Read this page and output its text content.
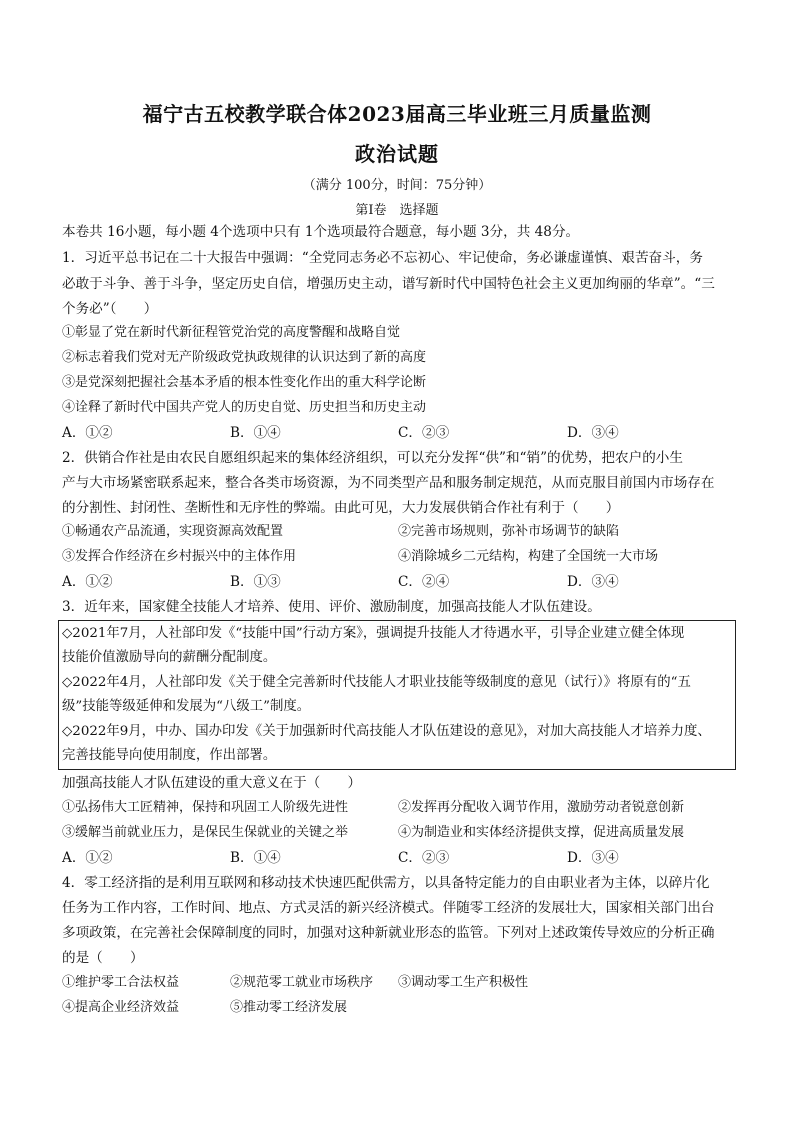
福宁古五校教学联合体2023届高三毕业班三月质量监测
政治试题
（满分 100分，时间：75分钟）
第Ⅰ卷　选择题
本卷共 16小题，每小题 4个选项中只有 1个选项最符合题意，每小题 3分，共 48分。
1．习近平总书记在二十大报告中强调：“全党同志务必不忘初心、牢记使命，务必谦虚谨慎、艰苦奋斗，务
必敢于斗争、善于斗争，坚定历史自信，增强历史主动，谱写新时代中国特色社会主义更加绚丽的华章”。“三
个务必”（　　）
①彰显了党在新时代新征程管党治党的高度警醒和战略自觉
②标志着我们党对无产阶级政党执政规律的认识达到了新的高度
③是党深刻把握社会基本矛盾的根本性变化作出的重大科学论断
④诠释了新时代中国共产党人的历史自觉、历史担当和历史主动
A．①②	B．①④	C．②③	D．③④
2．供销合作社是由农民自愿组织起来的集体经济组织，可以充分发挥“供”和“销”的优势，把农户的小生
产与大市场紧密联系起来，整合各类市场资源，为不同类型产品和服务制定规范，从而克服目前国内市场存在
的分割性、封闭性、垄断性和无序性的弊端。由此可见，大力发展供销合作社有利于（　　）
①畅通农产品流通，实现资源高效配置	②完善市场规则，弥补市场调节的缺陷
③发挥合作经济在乡村振兴中的主体作用	④消除城乡二元结构，构建了全国统一大市场
A．①②	B．①③	C．②④	D．③④
3．近年来，国家健全技能人才培养、使用、评价、激励制度，加强高技能人才队伍建设。
◇2021年7月，人社部印发《“技能中国”行动方案》，强调提升技能人才待遇水平，引导企业建立健全体现
技能价值激励导向的薪酬分配制度。
◇2022年4月，人社部印发《关于健全完善新时代技能人才职业技能等级制度的意见（试行）》将原有的“五
级”技能等级延伸和发展为“八级工”制度。
◇2022年9月，中办、国办印发《关于加强新时代高技能人才队伍建设的意见》，对加大高技能人才培养力度、
完善技能导向使用制度，作出部署。
加强高技能人才队伍建设的重大意义在于（　　）
①弘扬伟大工匠精神，保持和巩固工人阶级先进性	②发挥再分配收入调节作用，激励劳动者锐意创新
③缓解当前就业压力，是保民生保就业的关键之举	④为制造业和实体经济提供支撑，促进高质量发展
A．①②	B．①④	C．②③	D．③④
4．零工经济指的是利用互联网和移动技术快速匹配供需方，以具备特定能力的自由职业者为主体，以碎片化
任务为工作内容，工作时间、地点、方式灵活的新兴经济模式。伴随零工经济的发展壮大，国家相关部门出台
多项政策，在完善社会保障制度的同时，加强对这种新就业形态的监管。下列对上述政策传导效应的分析正确
的是（　　）
①维护零工合法权益	②规范零工就业市场秩序 ③调动零工生产积极性
④提高企业经济效益	⑤推动零工经济发展
